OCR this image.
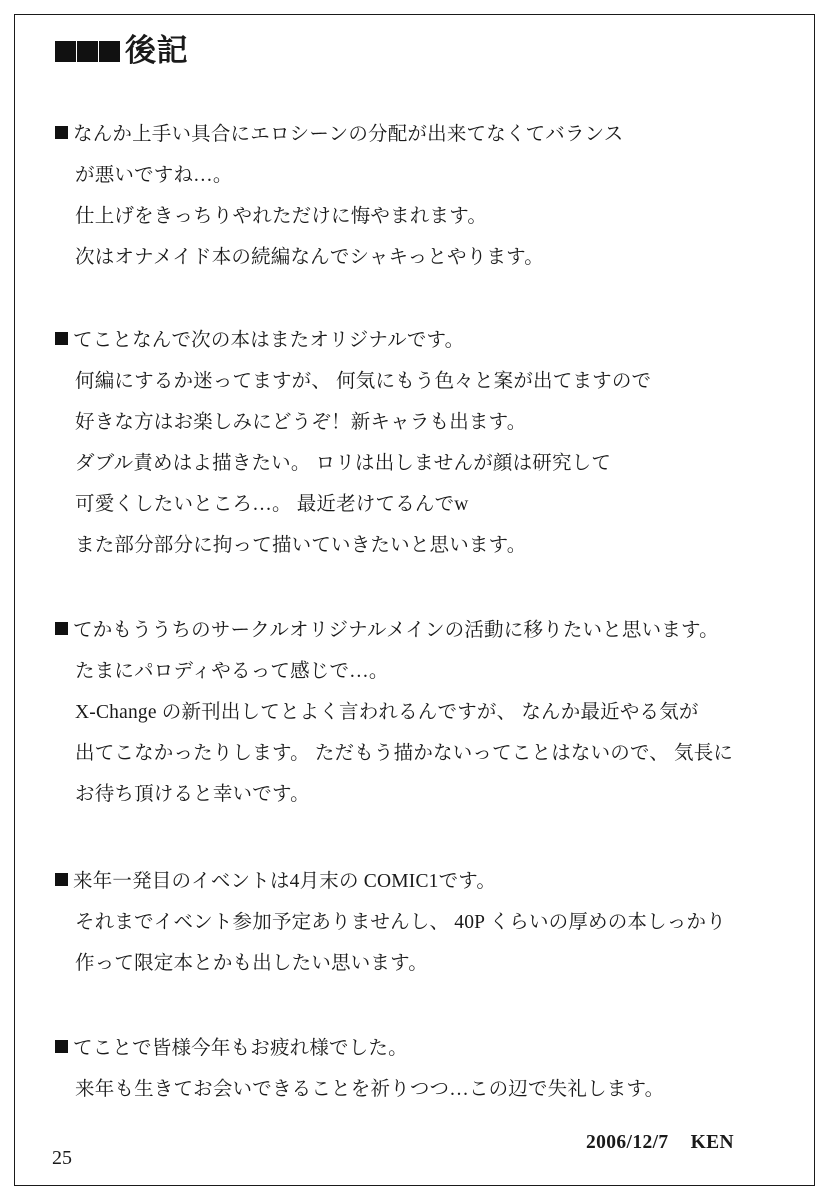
後記
なんか上手い具合にエロシーンの分配が出来てなくてバランス
が悪いですね…。
仕上げをきっちりやれただけに悔やまれます。
次はオナメイド本の続編なんでシャキっとやります。
てことなんで次の本はまたオリジナルです。
何編にするか迷ってますが、 何気にもう色々と案が出てますので
好きな方はお楽しみにどうぞ！新キャラも出ます。
ダブル責めはよ描きたい。 ロリは出しませんが顔は研究して
可愛くしたいところ…。 最近老けてるんでw
また部分部分に拘って描いていきたいと思います。
てかもううちのサークルオリジナルメインの活動に移りたいと思います。
たまにパロディやるって感じで…。
X-Change の新刊出してとよく言われるんですが、 なんか最近やる気が
出てこなかったりします。 ただもう描かないってことはないので、 気長に
お待ち頂けると幸いです。
来年一発目のイベントは4月末の COMIC1です。
それまでイベント参加予定ありませんし、 40P くらいの厚めの本しっかり
作って限定本とかも出したい思います。
てことで皆様今年もお疲れ様でした。
来年も生きてお会いできることを祈りつつ…この辺で失礼します。
2006/12/7 KEN
25
